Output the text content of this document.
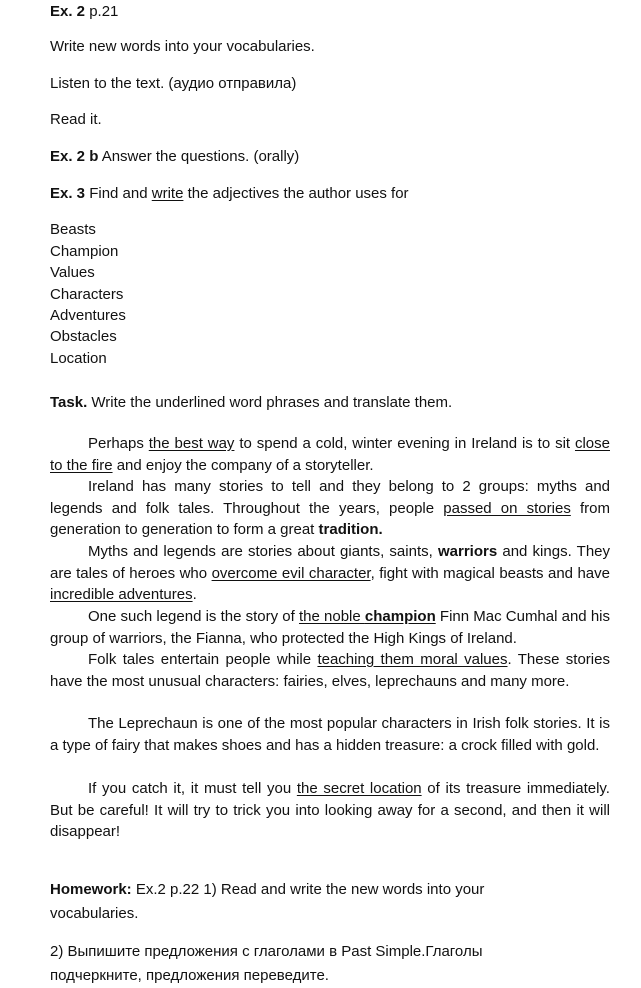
Ex. 2 p.21
Write new words into your vocabularies.
Listen to the text. (аудио отправила)
Read it.
Ex. 2 b Answer the questions. (orally)
Ex. 3 Find and write the adjectives the author uses for
Beasts
Champion
Values
Characters
Adventures
Obstacles
Location
Task. Write the underlined word phrases and translate them.
Perhaps the best way to spend a cold, winter evening in Ireland is to sit close to the fire and enjoy the company of a storyteller.
Ireland has many stories to tell and they belong to 2 groups: myths and legends and folk tales. Throughout the years, people passed on stories from generation to generation to form a great tradition.
Myths and legends are stories about giants, saints, warriors and kings. They are tales of heroes who overcome evil character, fight with magical beasts and have incredible adventures.
One such legend is the story of the noble champion Finn Mac Cumhal and his group of warriors, the Fianna, who protected the High Kings of Ireland.
Folk tales entertain people while teaching them moral values. These stories have the most unusual characters: fairies, elves, leprechauns and many more.
The Leprechaun is one of the most popular characters in Irish folk stories. It is a type of fairy that makes shoes and has a hidden treasure: a crock filled with gold.
If you catch it, it must tell you the secret location of its treasure immediately. But be careful! It will try to trick you into looking away for a second, and then it will disappear!
Homework: Ex.2 p.22 1) Read and write the new words into your vocabularies.
2) Выпишите предложения с глаголами в Past Simple.Глаголы подчеркните, предложения переведите.
